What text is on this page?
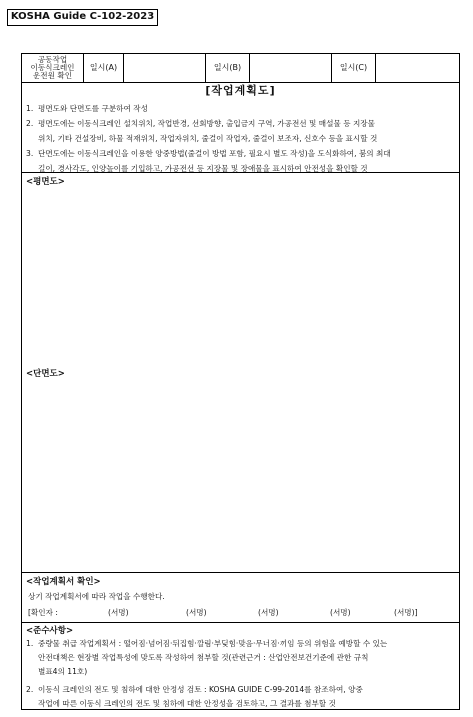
KOSHA Guide C-102-2023
공동작업
이동식크레인
운전원 확인
일시(A)	일시(B)	일시(C)
[작업계획도]
1. 평면도와 단면도를 구분하여 작성
2. 평면도에는 이동식크레인 설치위치, 작업반경, 선회방향, 출입금지 구역, 가공전선 및 매설물 등 지장물
위치, 기타 건설장비, 하물 적재위치, 작업자위치, 줄걸이 작업자, 줄걸이 보조자, 신호수 등을 표시할 것
3. 단면도에는 이동식크레인을 이용한 양중방법(줄걸이 방법 포함, 필요시 별도 작성)을 도식화하여, 붐의 최대
길이, 경사각도, 인양높이를 기입하고, 가공전선 등 지장물 및 장애물을 표시하여 안전성을 확인할 것
<평면도>
<단면도>
<작업계획서 확인>
상기 작업계획서에 따라 작업을 수행한다.
[확인자 :	(서명)	(서명)	(서명)	(서명)	(서명)]
<준수사항>
1. 중량물 취급 작업계획서 : 떨어짐·넘어짐·뒤집힘·깔림·부딪힘·맞음·무너짐·끼임 등의 위험을 예방할 수 있는
안전대책은 현장별 작업특성에 맞도록 작성하여 첨부할 것(관련근거 : 산업안전보건기준에 관한 규칙
별표4의 11호)
2. 이동식 크레인의 전도 및 침하에 대한 안정성 검토 : KOSHA GUIDE C-99-2014를 참조하여, 양중
작업에 따른 이동식 크레인의 전도 및 침하에 대한 안정성을 검토하고, 그 결과를 첨부할 것
